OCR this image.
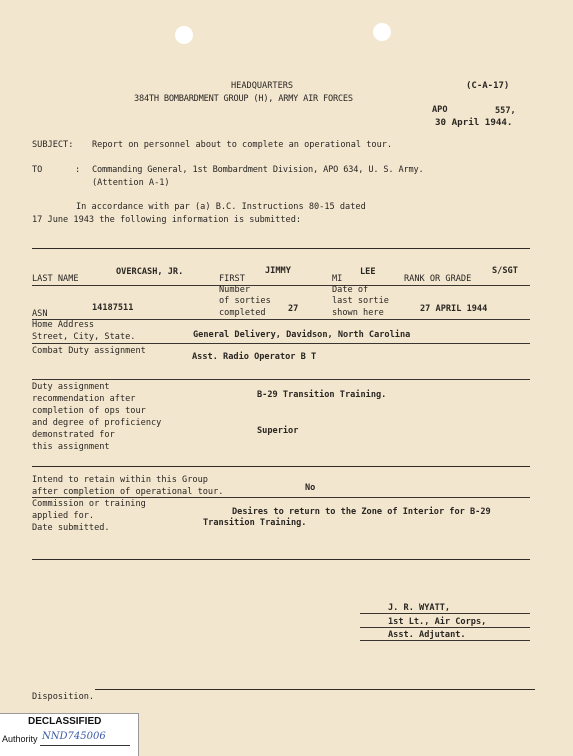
HEADQUARTERS
384TH BOMBARDMENT GROUP (H), ARMY AIR FORCES
(C-A-17)
APO	557,
30 April 1944.
SUBJECT: Report on personnel about to complete an operational tour.
TO	: Commanding General, 1st Bombardment Division, APO 634, U. S. Army.
(Attention A-1)
In accordance with par (a) B.C. Instructions 80-15 dated
17 June 1943 the following information is submitted:
LAST NAME
OVERCASH, JR.
FIRST
JIMMY
MI
LEE
RANK OR GRADE
S/SGT
ASN
14187511
Number
of sorties
completed	27
Date of
last sortie
shown here	27 APRIL 1944
Home Address
Street, City, State.	General Delivery, Davidson, North Carolina
Combat Duty assignment
Asst. Radio Operator B T
Duty assignment
recommendation after
completion of ops tour
and degree of proficiency
demonstrated for
this assignment
B-29 Transition Training.
Superior
Intend to retain within this Group
after completion of operational tour.	No
Commission or training
applied for.
Date submitted.
Desires to return to the Zone of Interior for B-29
Transition Training.
J. R. WYATT,
1st Lt., Air Corps,
Asst. Adjutant.
Disposition.
DECLASSIFIED
Authority NND745006
